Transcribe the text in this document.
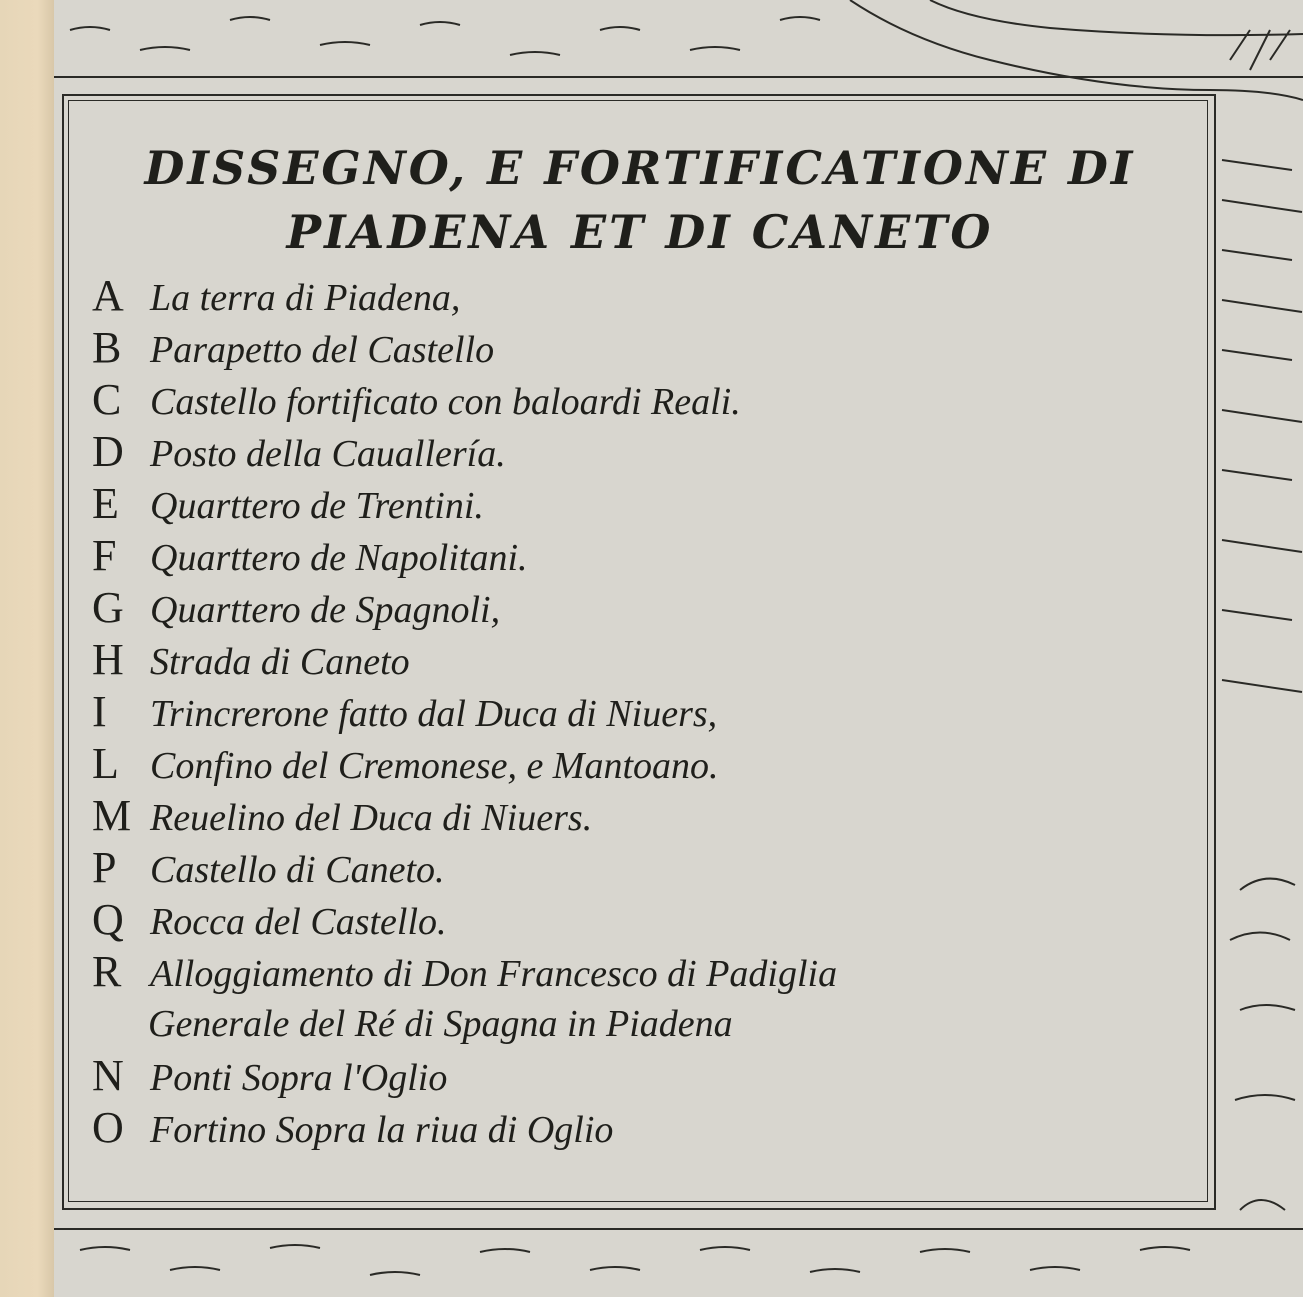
DISSEGNO, E FORTIFICATIONE DI
PIADENA ET DI CANETO
A La terra di Piadena,
B Parapetto del Castello
C Castello fortificato con baloardi Reali.
D Posto della Cauallería.
E Quarttero de Trentini.
F Quarttero de Napolitani.
G Quarttero de Spagnoli,
H Strada di Caneto
I Trincrerone fatto dal Duca di Niuers,
L Confino del Cremonese, e Mantoano.
M Reuelino del Duca di Niuers.
P Castello di Caneto.
Q Rocca del Castello.
R Alloggiamento di Don Francesco di Padiglia
Generale del Ré di Spagna in Piadena
N Ponti Sopra l'Oglio
O Fortino Sopra la riua di Oglio
